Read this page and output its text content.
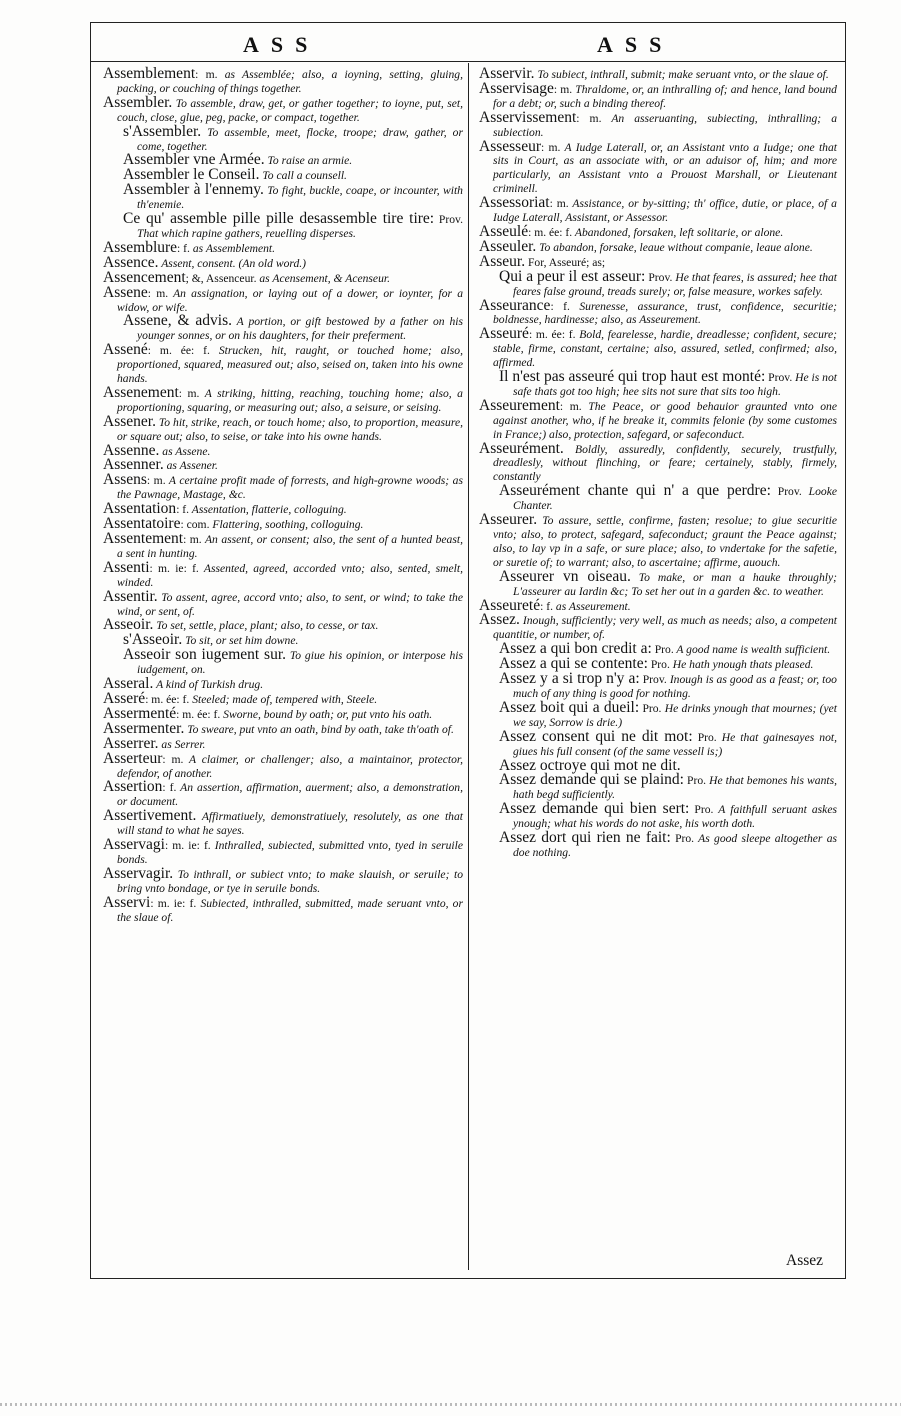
ASS	ASS

Assemblement: m. as Assemblée; also, a ioyning, setting, gluing, packing, or couching of things together.

Assembler. To assemble, draw, get, or gather together; to ioyne, put, set, couch, close, glue, peg, packe, or compact, together.

s'Assembler. To assemble, meet, flocke, troope; draw, gather, or come, together.

Assembler vne Armée. To raise an armie.

Assembler le Conseil. To call a counsell.

Assembler à l'ennemy. To fight, buckle, coape, or incounter, with th'enemie.

Ce qu' assemble pille pille desassemble tire tire: Prov. That which rapine gathers, reuelling disperses.

Assemblure: f. as Assemblement.

Assence. Assent, consent. (An old word.)

Assencement; &, Assenceur. as Acensement, & Acenseur.

Assene: m. An assignation, or laying out of a dower, or ioynter, for a widow, or wife.

Assene, & advis. A portion, or gift bestowed by a father on his younger sonnes, or on his daughters, for their preferment.

Assené: m. ée: f. Strucken, hit, raught, or touched home; also, proportioned, squared, measured out; also, seised on, taken into his owne hands.

Assenement: m. A striking, hitting, reaching, touching home; also, a proportioning, squaring, or measuring out; also, a seisure, or seising.

Assener. To hit, strike, reach, or touch home; also, to proportion, measure, or square out; also, to seise, or take into his owne hands.

Assenne. as Assene.

Assenner. as Assener.

Assens: m. A certaine profit made of forrests, and high-growne woods; as the Pawnage, Mastage, &c.

Assentation: f. Assentation, flatterie, colloguing.

Assentatoire: com. Flattering, soothing, colloguing.

Assentement: m. An assent, or consent; also, the sent of a hunted beast, a sent in hunting.

Assenti: m. ie: f. Assented, agreed, accorded vnto; also, sented, smelt, winded.

Assentir. To assent, agree, accord vnto; also, to sent, or wind; to take the wind, or sent, of.

Asseoir. To set, settle, place, plant; also, to cesse, or tax.

s'Asseoir. To sit, or set him downe.

Asseoir son iugement sur. To giue his opinion, or interpose his iudgement, on.

Asseral. A kind of Turkish drug.

Asseré: m. ée: f. Steeled; made of, tempered with, Steele.

Assermenté: m. ée: f. Sworne, bound by oath; or, put vnto his oath.

Assermenter. To sweare, put vnto an oath, bind by oath, take th'oath of.

Asserrer. as Serrer.

Asserteur: m. A claimer, or challenger; also, a maintainor, protector, defendor, of another.

Assertion: f. An assertion, affirmation, auerment; also, a demonstration, or document.

Assertivement. Affirmatiuely, demonstratiuely, resolutely, as one that will stand to what he sayes.

Asservagi: m. ie: f. Inthralled, subiected, submitted vnto, tyed in seruile bonds.

Asservagir. To inthrall, or subiect vnto; to make slauish, or seruile; to bring vnto bondage, or tye in seruile bonds.

Asservi: m. ie: f. Subiected, inthralled, submitted, made seruant vnto, or the slaue of.

Asservir. To subiect, inthrall, submit; make seruant vnto, or the slaue of.

Asservisage: m. Thraldome, or, an inthralling of; and hence, land bound for a debt; or, such a binding thereof.

Asservissement: m. An asseruanting, subiecting, inthralling; a subiection.

Assesseur: m. A Iudge Laterall, or, an Assistant vnto a Iudge; one that sits in Court, as an associate with, or an aduisor of, him; and more particularly, an Assistant vnto a Prouost Marshall, or Lieutenant criminell.

Assessoriat: m. Assistance, or by-sitting; th' office, dutie, or place, of a Iudge Laterall, Assistant, or Assessor.

Asseulé: m. ée: f. Abandoned, forsaken, left solitarie, or alone.

Asseuler. To abandon, forsake, leaue without companie, leaue alone.

Asseur. For, Asseuré; as;

Qui a peur il est asseur: Prov. He that feares, is assured; hee that feares false ground, treads surely; or, false measure, workes safely.

Asseurance: f. Surenesse, assurance, trust, confidence, securitie; boldnesse, hardinesse; also, as Asseurement.

Asseuré: m. ée: f. Bold, fearelesse, hardie, dreadlesse; confident, secure; stable, firme, constant, certaine; also, assured, setled, confirmed; also, affirmed.

Il n'est pas asseuré qui trop haut est monté: Prov. He is not safe thats got too high; hee sits not sure that sits too high.

Asseurement: m. The Peace, or good behauior graunted vnto one against another, who, if he breake it, commits felonie (by some customes in France;) also, protection, safegard, or safeconduct.

Asseurément. Boldly, assuredly, confidently, securely, trustfully, dreadlesly, without flinching, or feare; certainely, stably, firmely, constantly

Asseurément chante qui n' a que perdre: Prov. Looke Chanter.

Asseurer. To assure, settle, confirme, fasten; resolue; to giue securitie vnto; also, to protect, safegard, safeconduct; graunt the Peace against; also, to lay vp in a safe, or sure place; also, to vndertake for the safetie, or suretie of; to warrant; also, to ascertaine; affirme, auouch.

Asseurer vn oiseau. To make, or man a hauke throughly; L'asseurer au Iardin &c; To set her out in a garden &c. to weather.

Asseureté: f. as Asseurement.

Assez. Inough, sufficiently; very well, as much as needs; also, a competent quantitie, or number, of.

Assez a qui bon credit a: Pro. A good name is wealth sufficient.

Assez a qui se contente: Pro. He hath ynough thats pleased.

Assez y a si trop n'y a: Prov. Inough is as good as a feast; or, too much of any thing is good for nothing.

Assez boit qui a dueil: Pro. He drinks ynough that mournes; (yet we say, Sorrow is drie.)

Assez consent qui ne dit mot: Pro. He that gainesayes not, giues his full consent (of the same vessell is;)

Assez octroye qui mot ne dit.

Assez demande qui se plaind: Pro. He that bemones his wants, hath begd sufficiently.

Assez demande qui bien sert: Pro. A faithfull seruant askes ynough; what his words do not aske, his worth doth.

Assez dort qui rien ne fait: Pro. As good sleepe altogether as doe nothing.

Assez
